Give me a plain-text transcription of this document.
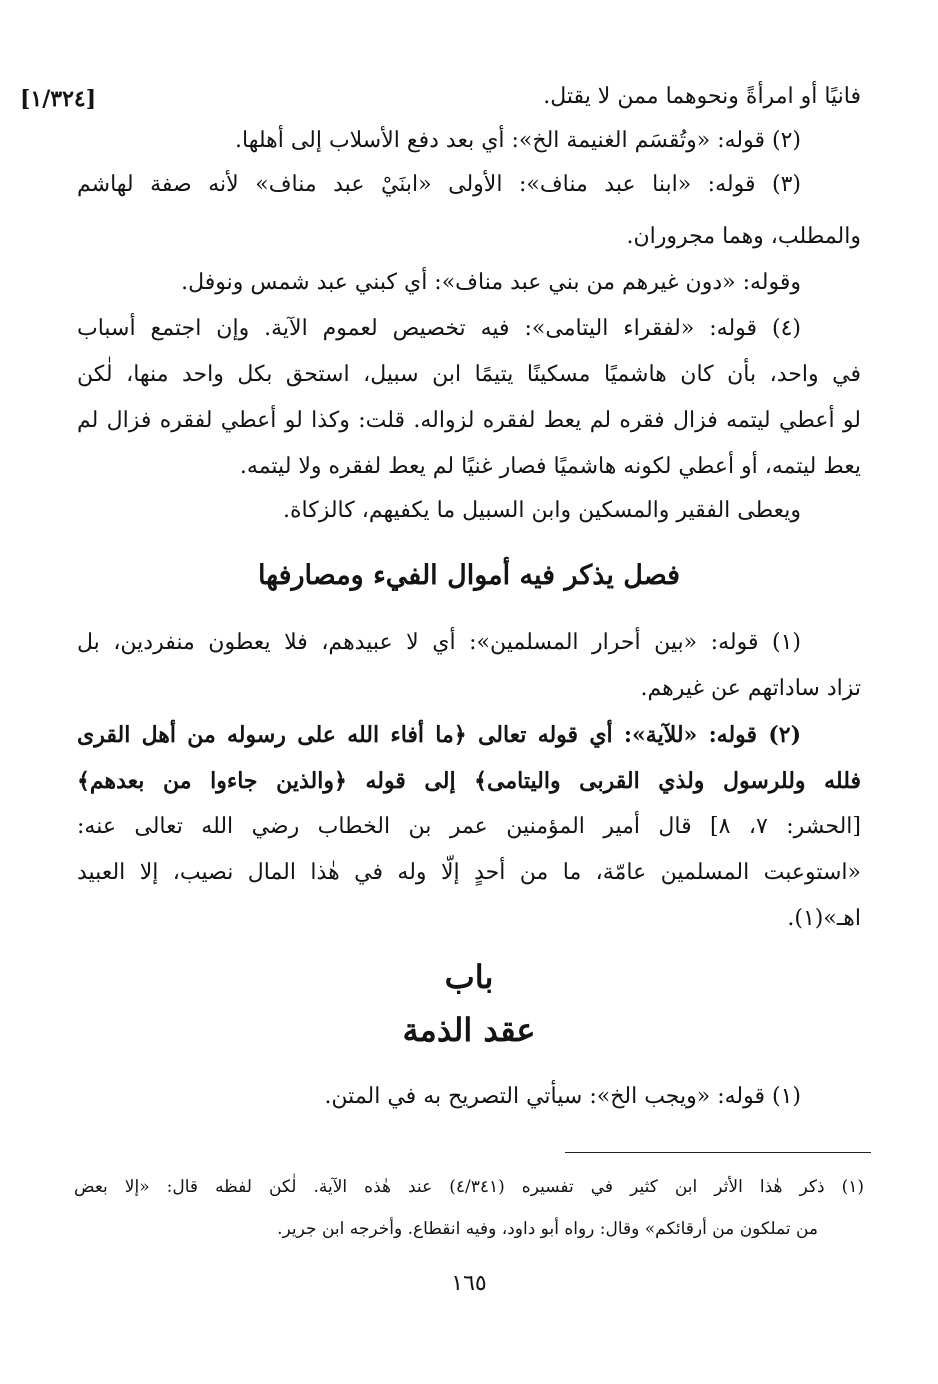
[١/٣٢٤]	فانيًا أو امرأةً ونحوهما ممن لا يقتل.
(٢) قوله: «وتُقسَم الغنيمة الخ»: أي بعد دفع الأسلاب إلى أهلها.
(٣) قوله: «ابنا عبد مناف»: الأولى «ابنَيْ عبد مناف» لأنه صفة لهاشم
والمطلب، وهما مجروران.
وقوله: «دون غيرهم من بني عبد مناف»: أي كبني عبد شمس ونوفل.
(٤) قوله: «لفقراء اليتامى»: فيه تخصيص لعموم الآية. وإن اجتمع أسباب
في واحد، بأن كان هاشميًا مسكينًا يتيمًا ابن سبيل، استحق بكل واحد منها، لٰكن
لو أعطي ليتمه فزال فقره لم يعط لفقره لزواله. قلت: وكذا لو أعطي لفقره فزال لم
يعط ليتمه، أو أعطي لكونه هاشميًا فصار غنيًا لم يعط لفقره ولا ليتمه.
ويعطى الفقير والمسكين وابن السبيل ما يكفيهم، كالزكاة.
فصل يذكر فيه أموال الفيء ومصارفها
(١) قوله: «بين أحرار المسلمين»: أي لا عبيدهم، فلا يعطون منفردين، بل
تزاد ساداتهم عن غيرهم.
(٢) قوله: «للآية»: أي قوله تعالى ﴿ما أفاء الله على رسوله من أهل القرى
فلله وللرسول ولذي القربى واليتامى﴾ إلى قوله ﴿والذين جاءوا من بعدهم﴾
[الحشر: ٧، ٨] قال أمير المؤمنين عمر بن الخطاب رضي الله تعالى عنه:
«استوعبت المسلمين عامّة، ما من أحدٍ إلّا وله في هٰذا المال نصيب، إلا العبيد
اهـ»(١).
باب
عقد الذمة
(١) قوله: «ويجب الخ»: سيأتي التصريح به في المتن.
(١) ذكر هٰذا الأثر ابن كثير في تفسيره (٤/٣٤١) عند هٰذه الآية. لٰكن لفظه قال: «إلا بعض
من تملكون من أرقائكم» وقال: رواه أبو داود، وفيه انقطاع. وأخرجه ابن جرير.
١٦٥
